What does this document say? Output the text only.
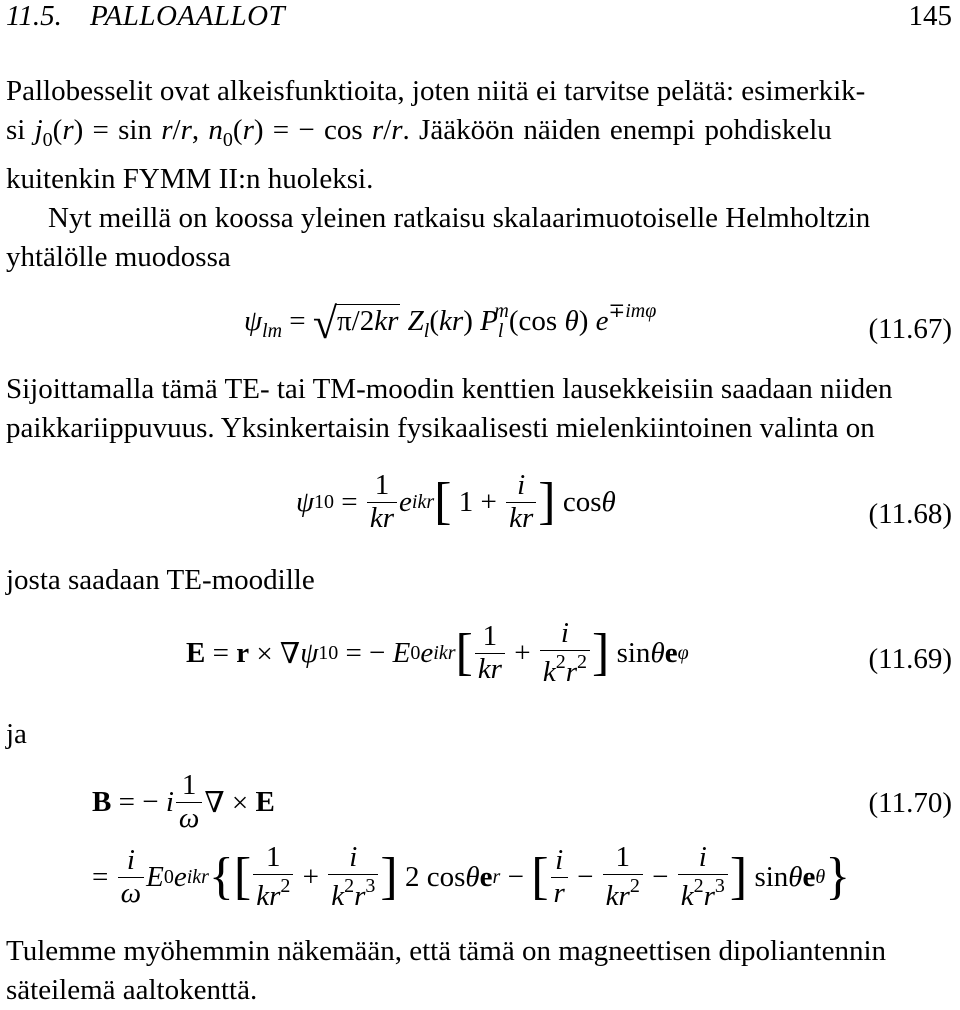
11.5. PALLOAALLOT	145
Pallobesselit ovat alkeisfunktioita, joten niitä ei tarvitse pelätä: esimerkik-
si $j_0(r) = \sin r/r$, $n_0(r)$ = − cos r/r. Jääköön näiden enempi pohdiskelu
kuitenkin FYMM II:n huoleksi.
Nyt meillä on koossa yleinen ratkaisu skalaarimuotoiselle Helmholtzin
yhtälölle muodossa
$\psi_{lm} = √\pi/2kr$ $Z_l(kr)$ $P_l^m(\cos$ θ) $e^{\mp im\varphi}$
(11.67)
Sijoittamalla tämä TE- tai TM-moodin kenttien lausekkeisiin saadaan niiden
paikkariippuvuus. Yksinkertaisin fysikaalisesti mielenkiintoinen valinta on
ψ $10 = \frac{1}{kr}$ e ikr [ $1 + \frac{i}{kr}$ ] cos θ	(11.68)
josta saadaan TE-moodille
E = r × ∇ ψ 10 = − E 0 e ikr [ $\frac{1}{kr} + \frac{i}{k^2r^2}$ ] sin θ e φ	(11.69)
ja
B = − i $\frac{1}{\omega}$ ∇ × E	(11.70)
= $\frac{i}{\omega}$ E 0 e ikr { [ $\frac{1}{kr^2} + \frac{i}{k^2r^3}$ ] 2 cos θ e r − [ $\frac{i}{r} - \frac{1}{kr^2} - \frac{i}{k^2r^3}$ ] sin θ e θ }
Tulemme myöhemmin näkemään, että tämä on magneettisen dipoliantennin
säteilemä aaltokenttä.
